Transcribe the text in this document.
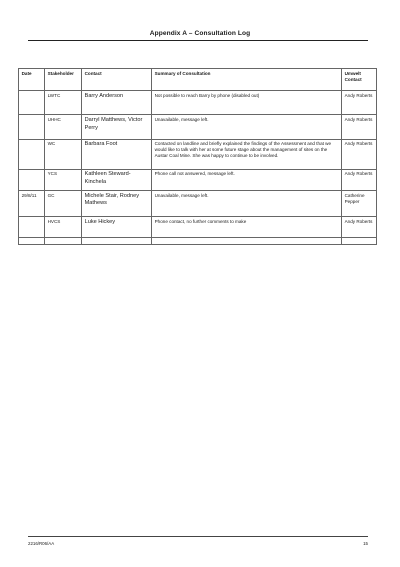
Appendix A – Consultation Log
Date	Stakeholder	Contact	Summary of Consultation	Umwelt Contact
	LWTC	Barry Anderson	Not possible to reach Barry by phone (disabled out)	Andy Roberts
	UHHC	Darryl Matthews, Victor Perry	Unavailable, message left.	Andy Roberts
	WC	Barbara Foot	Contacted on landline and briefly explained the findings of the Assessment and that we would like to talk with her at some future stage about the management of sites on the Austar Coal Mine. She was happy to continue to be involved.	Andy Roberts
	YCS	Kathleen Steward-Kinchela	Phone call not answered, message left.	Andy Roberts
29/8/11	GC	Michele Stair, Rodney Mathews	Unavailable, message left.	Catherine Pepper
	HVCS	Luke Hickey	Phone contact, no further comments to make	Andy Roberts

2216/R06/AA	15
